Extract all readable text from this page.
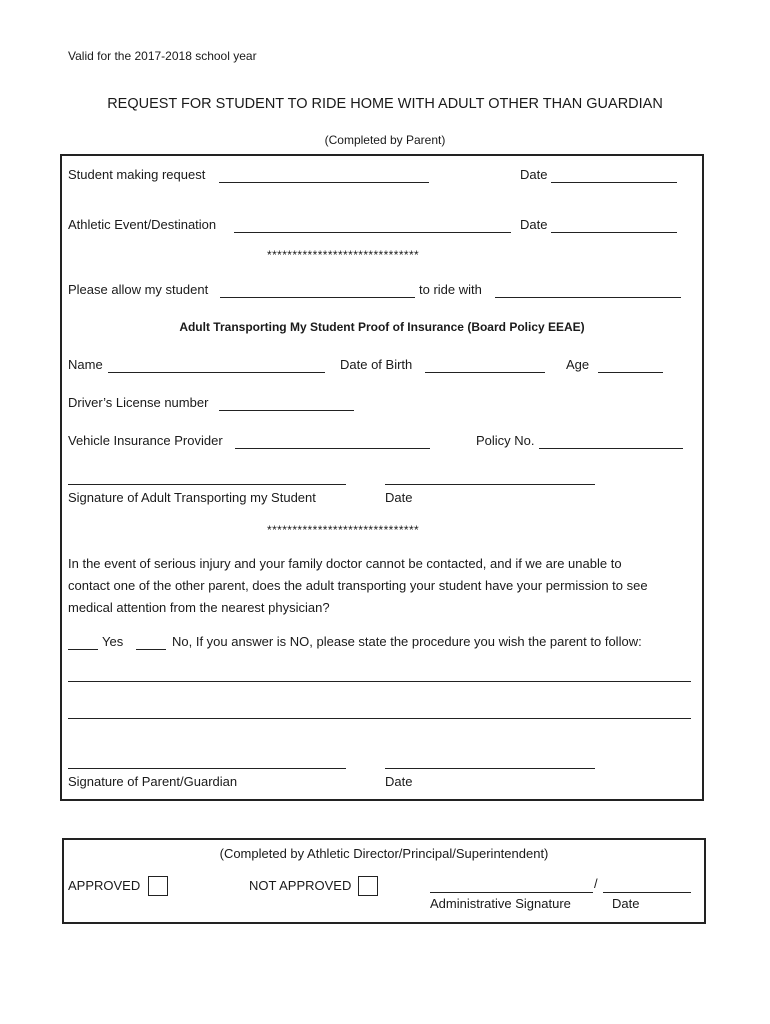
Valid for the 2017-2018 school year
REQUEST FOR STUDENT TO RIDE HOME WITH ADULT OTHER THAN GUARDIAN
(Completed by Parent)
Student making request	Date
Athletic Event/Destination	Date
******************************
Please allow my student	to ride with
Adult Transporting My Student Proof of Insurance (Board Policy EEAE)
Name	Date of Birth	Age
Driver’s License number
Vehicle Insurance Provider	Policy No.
Signature of Adult Transporting my Student	Date
******************************
In the event of serious injury and your family doctor cannot be contacted, and if we are unable to
contact one of the other parent, does the adult transporting your student have your permission to see
medical attention from the nearest physician?
Yes	No, If you answer is NO, please state the procedure you wish the parent to follow:
Signature of Parent/Guardian	Date
(Completed by Athletic Director/Principal/Superintendent)
APPROVED	NOT APPROVED	/
Administrative Signature	Date
